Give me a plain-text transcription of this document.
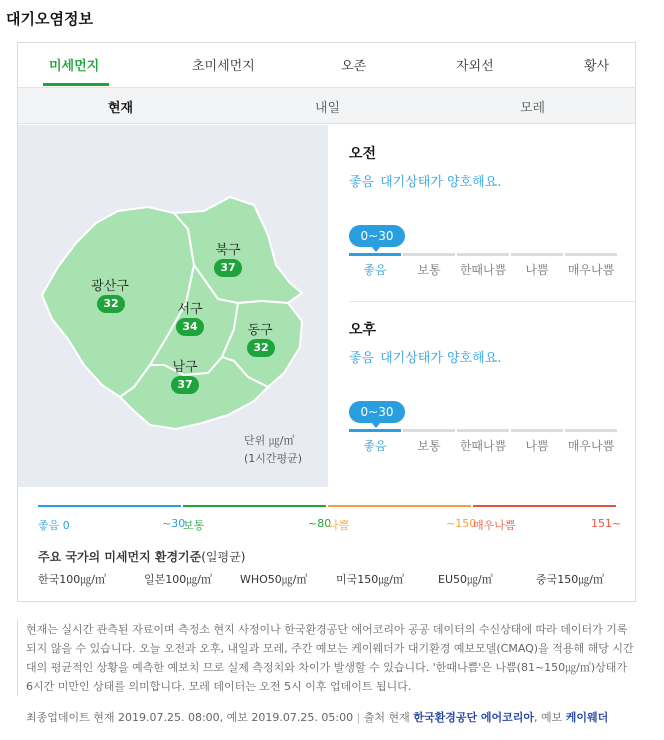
대기오염정보
미세먼지	초미세먼지	오존	자외선	황사
현재	내일	모레
광산구
32
북구
37
서구
34	동구
32
남구
37
단위 ㎍/㎥
(1시간평균)
오전
좋음 대기상태가 양호해요.
0~30
좋음	보통	한때나쁨	나쁨	매우나쁨
오후
좋음 대기상태가 양호해요.
0~30
좋음	보통	한때나쁨	나쁨	매우나쁨
좋음 0	~30
보통	~80
나쁨	~150
매우나쁨	151~
주요 국가의 미세먼지 환경기준(일평균)
한국100㎍/㎥	일본100㎍/㎥	WHO50㎍/㎥	미국150㎍/㎥	EU50㎍/㎥	중국150㎍/㎥
현재는 실시간 관측된 자료이며 측정소 현지 사정이나 한국환경공단 에어코리아 공공 데이터의 수신상태에 따라 데이터가 기록되지 않을 수 있습니다. 오늘 오전과 오후, 내일과 모레, 주간 예보는 케이웨더가 대기환경 예보모델(CMAQ)을 적용해 해당 시간대의 평균적인 상황을 예측한 예보치 므로 실제 측정치와 차이가 발생할 수 있습니다. '한때나쁨'은 나쁨(81~150㎍/㎥)상태가 6시간 미만인 상태를 의미합니다. 모레 데이터는 오전 5시 이후 업데이트 됩니다.
최종업데이트 현재 2019.07.25. 08:00, 예보 2019.07.25. 05:00 | 출처 현재 한국환경공단 에어코리아, 예보 케이웨더
